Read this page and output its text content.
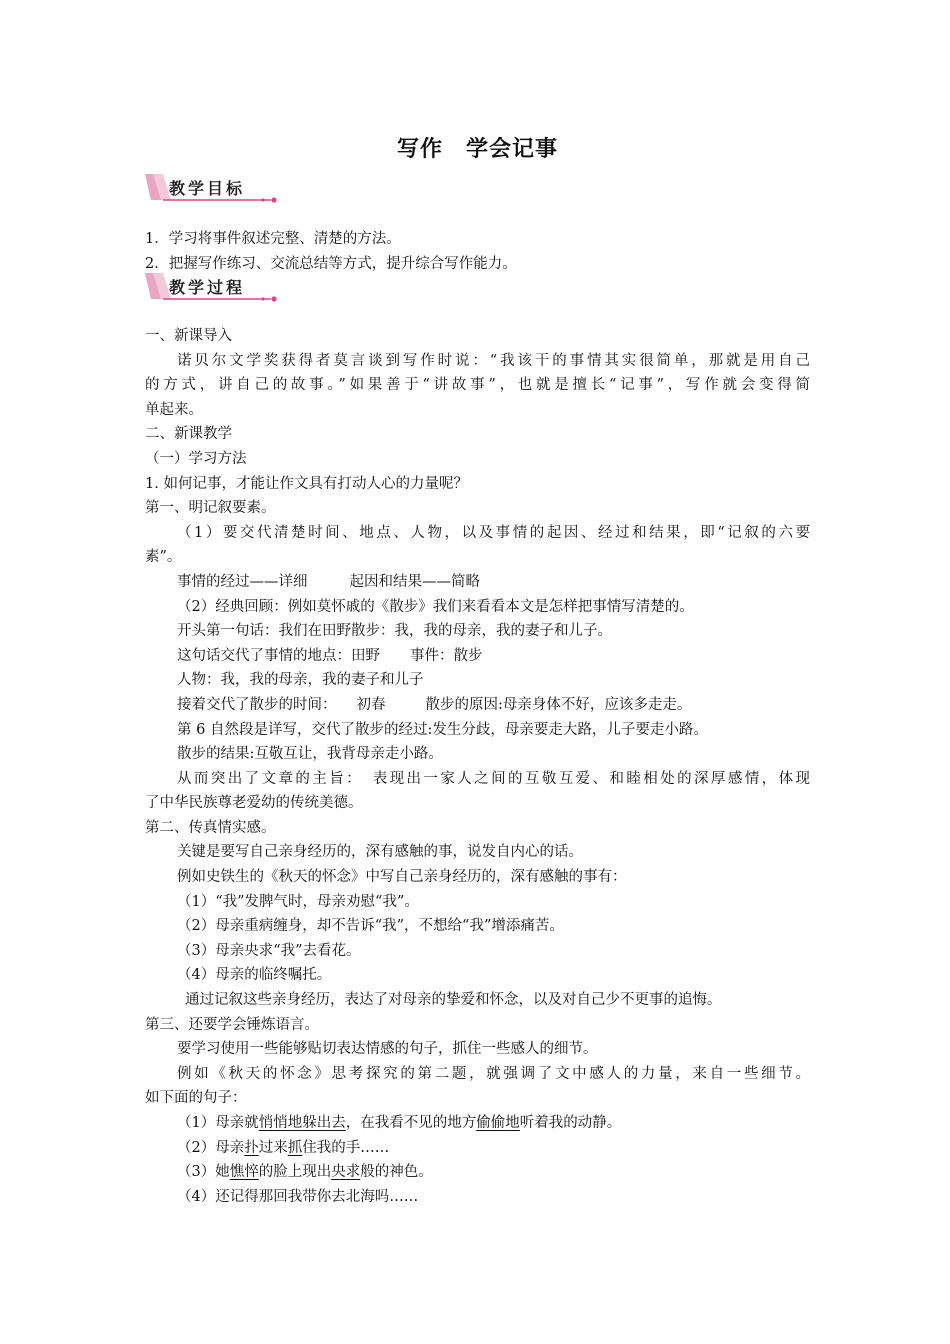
写作　学会记事
教学目标
1．学习将事件叙述完整、清楚的方法。
2．把握写作练习、交流总结等方式，提升综合写作能力。
教学过程
一、新课导入
诺贝尔文学奖获得者莫言谈到写作时说：“我该干的事情其实很简单，那就是用自己
的方式，讲自己的故事。”如果善于“讲故事”，也就是擅长“记事”，写作就会变得简
单起来。
二、新课教学
（一）学习方法
1. 如何记事，才能让作文具有打动人心的力量呢？
第一、明记叙要素。
（1）要交代清楚时间、地点、人物，以及事情的起因、经过和结果，即“记叙的六要
素”。
事情的经过——详细	起因和结果——简略
（2）经典回顾：例如莫怀戚的《散步》我们来看看本文是怎样把事情写清楚的。
开头第一句话：我们在田野散步：我，我的母亲，我的妻子和儿子。
这句话交代了事情的地点：田野 事件：散步
人物：我，我的母亲，我的妻子和儿子
接着交代了散步的时间： 初春	散步的原因:母亲身体不好，应该多走走。
第 6 自然段是详写，交代了散步的经过:发生分歧，母亲要走大路，儿子要走小路。
散步的结果:互敬互让，我背母亲走小路。
从而突出了文章的主旨：　表现出一家人之间的互敬互爱、和睦相处的深厚感情，体现
了中华民族尊老爱幼的传统美德。
第二、传真情实感。
关键是要写自己亲身经历的，深有感触的事，说发自内心的话。
例如史铁生的《秋天的怀念》中写自己亲身经历的，深有感触的事有：
（1）“我”发脾气时，母亲劝慰“我”。
（2）母亲重病缠身，却不告诉“我”，不想给“我”增添痛苦。
（3）母亲央求“我”去看花。
（4）母亲的临终嘱托。
通过记叙这些亲身经历，表达了对母亲的挚爱和怀念，以及对自己少不更事的追悔。
第三、还要学会锤炼语言。
要学习使用一些能够贴切表达情感的句子，抓住一些感人的细节。
例如《秋天的怀念》思考探究的第二题，就强调了文中感人的力量，来自一些细节。
如下面的句子：
（1）母亲就悄悄地躲出去，在我看不见的地方偷偷地听着我的动静。
（2）母亲扑过来抓住我的手……
（3）她憔悴的脸上现出央求般的神色。
（4）还记得那回我带你去北海吗……
